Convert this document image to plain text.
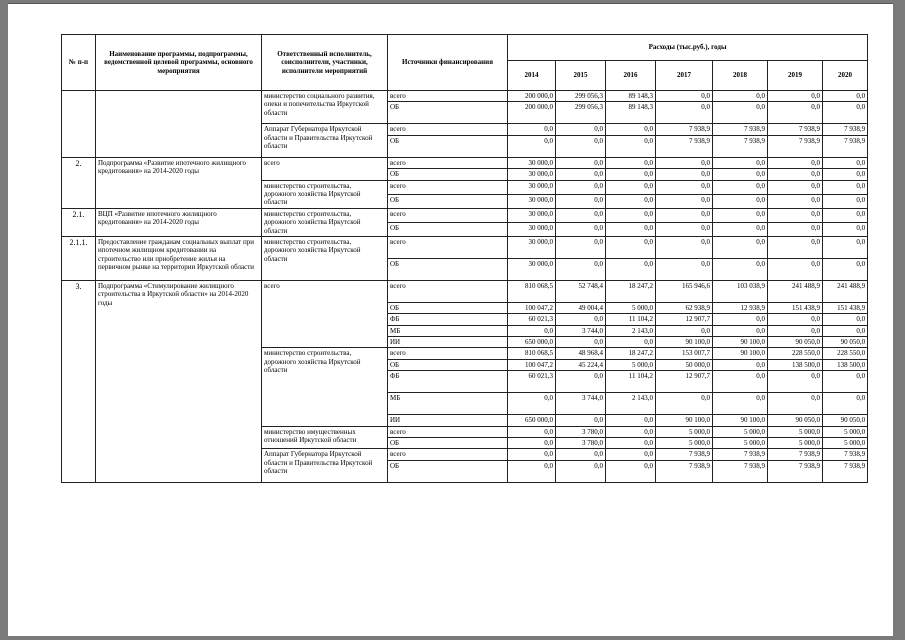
№ п-п	Наименование программы, подпрограммы, ведомственной целевой программы, основного мероприятия	Ответственный исполнитель, соисполнители, участники, исполнители мероприятий	Источники финансирования	Расходы (тыс.руб.), годы						
				2014	2015	2016	2017	2018	2019	2020
		министерство социального развития, опеки и попечительства Иркутской области	всего	200 000,0	299 056,3	89 148,3	0,0	0,0	0,0	0,0
			ОБ	200 000,0	299 056,3	89 148,3	0,0	0,0	0,0	0,0
		Аппарат Губернатора Иркутской области и Правительства Иркутской области	всего	0,0	0,0	0,0	7 938,9	7 938,9	7 938,9	7 938,9
			ОБ	0,0	0,0	0,0	7 938,9	7 938,9	7 938,9	7 938,9
2.	Подпрограмма «Развитие ипотечного жилищного кредитования» на 2014-2020 годы	всего	всего	30 000,0	0,0	0,0	0,0	0,0	0,0	0,0
			ОБ	30 000,0	0,0	0,0	0,0	0,0	0,0	0,0
		министерство строительства, дорожного хозяйства Иркутской области	всего	30 000,0	0,0	0,0	0,0	0,0	0,0	0,0
			ОБ	30 000,0	0,0	0,0	0,0	0,0	0,0	0,0
2.1.	ВЦП «Развитие ипотечного жилищного кредитования» на 2014-2020 годы	министерство строительства, дорожного хозяйства Иркутской области	всего	30 000,0	0,0	0,0	0,0	0,0	0,0	0,0
			ОБ	30 000,0	0,0	0,0	0,0	0,0	0,0	0,0
2.1.1.	Предоставление гражданам социальных выплат при ипотечном жилищном кредитовании на строительство или приобретение жилья на первичном рынке на территории Иркутской области	министерство строительства, дорожного хозяйства Иркутской области	всего	30 000,0	0,0	0,0	0,0	0,0	0,0	0,0
			ОБ	30 000,0	0,0	0,0	0,0	0,0	0,0	0,0
3.	Подпрограмма «Стимулирование жилищного строительства в Иркутской области» на 2014-2020 годы	всего	всего	810 068,5	52 748,4	18 247,2	165 946,6	103 038,9	241 488,9	241 488,9
			ОБ	100 047,2	49 004,4	5 000,0	62 938,9	12 938,9	151 438,9	151 438,9
			ФБ	60 021,3	0,0	11 104,2	12 907,7	0,0	0,0	0,0
			МБ	0,0	3 744,0	2 143,0	0,0	0,0	0,0	0,0
			ИИ	650 000,0	0,0	0,0	90 100,0	90 100,0	90 050,0	90 050,0
		министерство строительства, дорожного хозяйства Иркутской области	всего	810 068,5	48 968,4	18 247,2	153 007,7	90 100,0	228 550,0	228 550,0
			ОБ	100 047,2	45 224,4	5 000,0	50 000,0	0,0	138 500,0	138 500,0
			ФБ	60 021,3	0,0	11 104,2	12 907,7	0,0	0,0	0,0
			МБ	0,0	3 744,0	2 143,0	0,0	0,0	0,0	0,0
			ИИ	650 000,0	0,0	0,0	90 100,0	90 100,0	90 050,0	90 050,0
		министерство имущественных отношений Иркутской области	всего	0,0	3 780,0	0,0	5 000,0	5 000,0	5 000,0	5 000,0
			ОБ	0,0	3 780,0	0,0	5 000,0	5 000,0	5 000,0	5 000,0
		Аппарат Губернатора Иркутской области и Правительства Иркутской области	всего	0,0	0,0	0,0	7 938,9	7 938,9	7 938,9	7 938,9
			ОБ	0,0	0,0	0,0	7 938,9	7 938,9	7 938,9	7 938,9
